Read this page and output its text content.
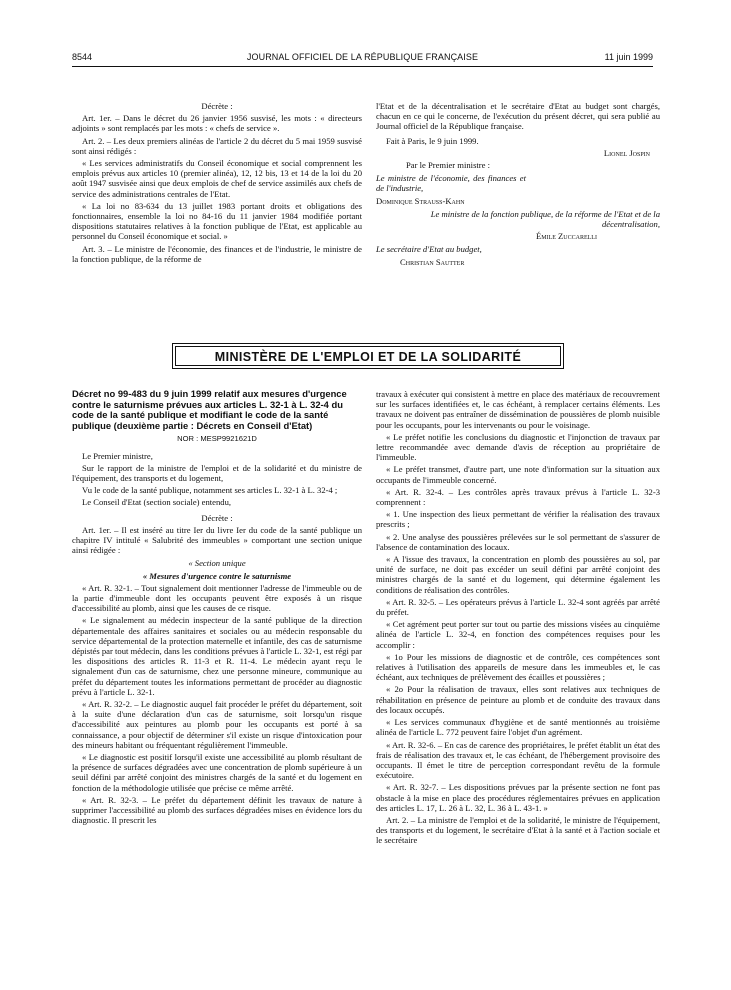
8544	JOURNAL OFFICIEL DE LA RÉPUBLIQUE FRANÇAISE	11 juin 1999

Décrète :

Art. 1er. – Dans le décret du 26 janvier 1956 susvisé, les mots : « directeurs adjoints » sont remplacés par les mots : « chefs de service ».

Art. 2. – Les deux premiers alinéas de l'article 2 du décret du 5 mai 1959 susvisé sont ainsi rédigés :

« Les services administratifs du Conseil économique et social comprennent les emplois prévus aux articles 10 (premier alinéa), 12, 12 bis, 13 et 14 de la loi du 20 août 1947 susvisée ainsi que deux emplois de chef de service assimilés aux chefs de service des administrations centrales de l'Etat.

« La loi no 83-634 du 13 juillet 1983 portant droits et obligations des fonctionnaires, ensemble la loi no 84-16 du 11 janvier 1984 modifiée portant dispositions statutaires relatives à la fonction publique de l'Etat, est applicable au personnel du Conseil économique et social. »

Art. 3. – Le ministre de l'économie, des finances et de l'industrie, le ministre de la fonction publique, de la réforme de

l'Etat et de la décentralisation et le secrétaire d'Etat au budget sont chargés, chacun en ce qui le concerne, de l'exécution du présent décret, qui sera publié au Journal officiel de la République française.

Fait à Paris, le 9 juin 1999.

Lionel Jospin

Par le Premier ministre :

Le ministre de l'économie, des finances et de l'industrie,

Dominique Strauss-Kahn

Le ministre de la fonction publique, de la réforme de l'Etat et de la décentralisation,

Émile Zuccarelli

Le secrétaire d'Etat au budget,

Christian Sautter

MINISTÈRE DE L'EMPLOI ET DE LA SOLIDARITÉ
Décret no 99-483 du 9 juin 1999 relatif aux mesures d'urgence contre le saturnisme prévues aux articles L. 32-1 à L. 32-4 du code de la santé publique et modifiant le code de la santé publique (deuxième partie : Décrets en Conseil d'Etat)
NOR : MESP9921621D

Le Premier ministre,

Sur le rapport de la ministre de l'emploi et de la solidarité et du ministre de l'équipement, des transports et du logement,

Vu le code de la santé publique, notamment ses articles L. 32-1 à L. 32-4 ;

Le Conseil d'Etat (section sociale) entendu,

Décrète :

Art. 1er. – Il est inséré au titre Ier du livre Ier du code de la santé publique un chapitre IV intitulé « Salubrité des immeubles » comportant une section unique ainsi rédigée :

« Section unique

« Mesures d'urgence contre le saturnisme

« Art. R. 32-1. – Tout signalement doit mentionner l'adresse de l'immeuble ou de la partie d'immeuble dont les occupants peuvent être exposés à un risque d'accessibilité au plomb, ainsi que les causes de ce risque.

« Le signalement au médecin inspecteur de la santé publique de la direction départementale des affaires sanitaires et sociales ou au médecin responsable du service départemental de la protection maternelle et infantile, des cas de saturnisme dépistés par tout médecin, dans les conditions prévues à l'article L. 32-1, est régi par les dispositions des articles R. 11-3 et R. 11-4. Le médecin ayant reçu le signalement d'un cas de saturnisme, chez une personne mineure, communique au préfet du département toutes les informations permettant de procéder au diagnostic prévu à l'article L. 32-1.

« Art. R. 32-2. – Le diagnostic auquel fait procéder le préfet du département, soit à la suite d'une déclaration d'un cas de saturnisme, soit lorsqu'un risque d'accessibilité aux peintures au plomb pour les occupants est porté à sa connaissance, a pour objectif de déterminer s'il existe un risque d'intoxication pour des mineurs habitant ou fréquentant régulièrement l'immeuble.

« Le diagnostic est positif lorsqu'il existe une accessibilité au plomb résultant de la présence de surfaces dégradées avec une concentration de plomb supérieure à un seuil défini par arrêté conjoint des ministres chargés de la santé et du logement en fonction de la méthodologie utilisée que précise ce même arrêté.

« Art. R. 32-3. – Le préfet du département définit les travaux de nature à supprimer l'accessibilité au plomb des surfaces dégradées mises en évidence lors du diagnostic. Il prescrit les

travaux à exécuter qui consistent à mettre en place des matériaux de recouvrement sur les surfaces identifiées et, le cas échéant, à remplacer certains éléments. Les travaux ne doivent pas entraîner de dissémination de poussières de plomb nuisible pour les occupants, pour les intervenants ou pour le voisinage.

« Le préfet notifie les conclusions du diagnostic et l'injonction de travaux par lettre recommandée avec demande d'avis de réception au propriétaire de l'immeuble.

« Le préfet transmet, d'autre part, une note d'information sur la situation aux occupants de l'immeuble concerné.

« Art. R. 32-4. – Les contrôles après travaux prévus à l'article L. 32-3 comprennent :

« 1. Une inspection des lieux permettant de vérifier la réalisation des travaux prescrits ;

« 2. Une analyse des poussières prélevées sur le sol permettant de s'assurer de l'absence de contamination des locaux.

« A l'issue des travaux, la concentration en plomb des poussières au sol, par unité de surface, ne doit pas excéder un seuil défini par arrêté conjoint des ministres chargés de la santé et du logement, qui détermine également les conditions de réalisation des contrôles.

« Art. R. 32-5. – Les opérateurs prévus à l'article L. 32-4 sont agréés par arrêté du préfet.

« Cet agrément peut porter sur tout ou partie des missions visées au cinquième alinéa de l'article L. 32-4, en fonction des compétences requises pour les accomplir :

« 1o Pour les missions de diagnostic et de contrôle, ces compétences sont relatives à l'utilisation des appareils de mesure dans les immeubles et, le cas échéant, aux techniques de prélèvement des écailles et poussières ;

« 2o Pour la réalisation de travaux, elles sont relatives aux techniques de réhabilitation en présence de peinture au plomb et de conduite des travaux dans des locaux occupés.

« Les services communaux d'hygiène et de santé mentionnés au troisième alinéa de l'article L. 772 peuvent faire l'objet d'un agrément.

« Art. R. 32-6. – En cas de carence des propriétaires, le préfet établit un état des frais de réalisation des travaux et, le cas échéant, de l'hébergement provisoire des occupants. Il émet le titre de perception correspondant revêtu de la formule exécutoire.

« Art. R. 32-7. – Les dispositions prévues par la présente section ne font pas obstacle à la mise en place des procédures réglementaires prévues en application des articles L. 17, L. 26 à L. 32, L. 36 à L. 43-1. »

Art. 2. – La ministre de l'emploi et de la solidarité, le ministre de l'équipement, des transports et du logement, le secrétaire d'Etat à la santé et à l'action sociale et le secrétaire
